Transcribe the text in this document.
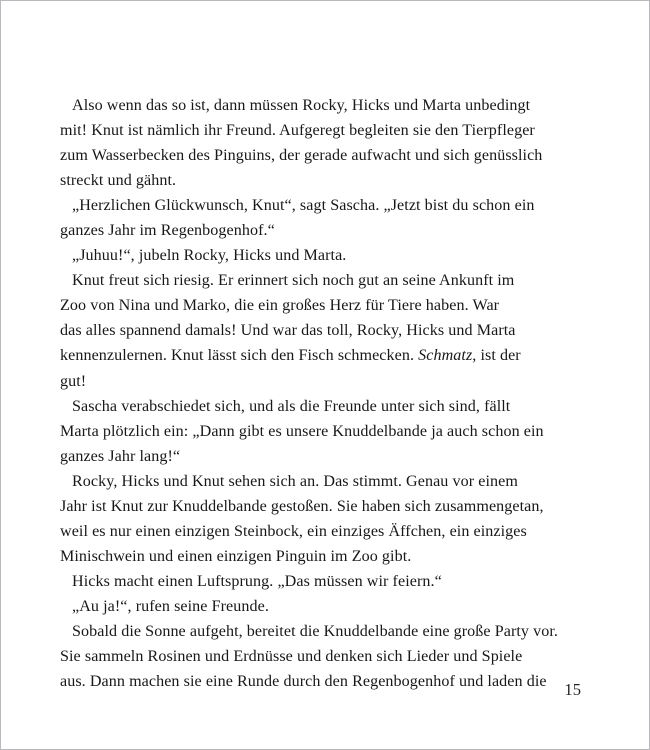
Also wenn das so ist, dann müssen Rocky, Hicks und Marta unbedingt
mit! Knut ist nämlich ihr Freund. Aufgeregt begleiten sie den Tierpfleger
zum Wasserbecken des Pinguins, der gerade aufwacht und sich genüsslich
streckt und gähnt.
„Herzlichen Glückwunsch, Knut“, sagt Sascha. „Jetzt bist du schon ein
ganzes Jahr im Regenbogenhof.“
„Juhuu!“, jubeln Rocky, Hicks und Marta.
Knut freut sich riesig. Er erinnert sich noch gut an seine Ankunft im
Zoo von Nina und Marko, die ein großes Herz für Tiere haben. War
das alles spannend damals! Und war das toll, Rocky, Hicks und Marta
kennenzulernen. Knut lässt sich den Fisch schmecken. Schmatz, ist der
gut!
Sascha verabschiedet sich, und als die Freunde unter sich sind, fällt
Marta plötzlich ein: „Dann gibt es unsere Knuddelbande ja auch schon ein
ganzes Jahr lang!“
Rocky, Hicks und Knut sehen sich an. Das stimmt. Genau vor einem
Jahr ist Knut zur Knuddelbande gestoßen. Sie haben sich zusammengetan,
weil es nur einen einzigen Steinbock, ein einziges Äffchen, ein einziges
Minischwein und einen einzigen Pinguin im Zoo gibt.
Hicks macht einen Luftsprung. „Das müssen wir feiern.“
„Au ja!“, rufen seine Freunde.
Sobald die Sonne aufgeht, bereitet die Knuddelbande eine große Party vor.
Sie sammeln Rosinen und Erdnüsse und denken sich Lieder und Spiele
aus. Dann machen sie eine Runde durch den Regenbogenhof und laden die	15
